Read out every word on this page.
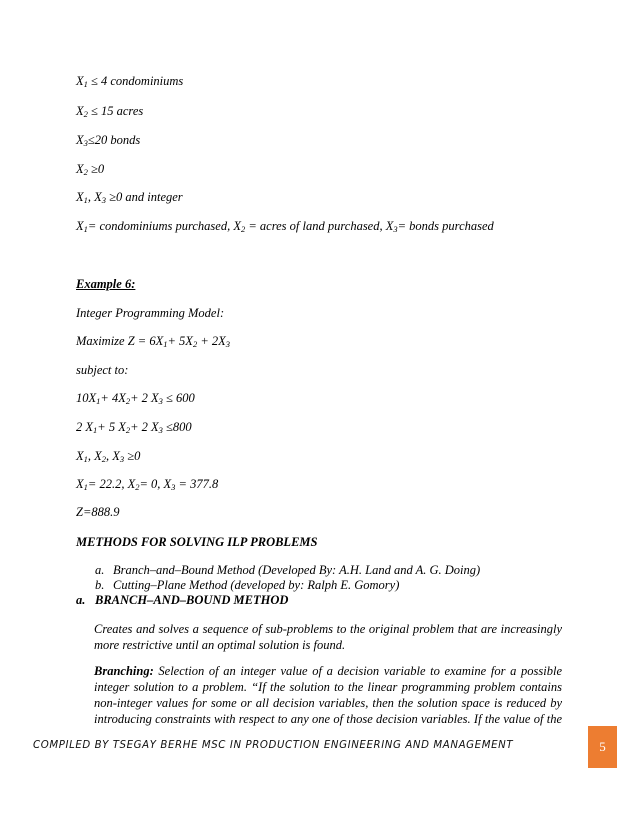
$X_1 \le 4$ condominiums
$X_2 \le 15$ acres
$X_3\le 20$ bonds
$X_2 \ge 0$
$X_1$, $X_3 \ge 0$ and integer
$X_1=$ condominiums purchased, $X_2$ = acres of land purchased, $X_3=$ bonds purchased
Example 6:
Integer Programming Model:
Maximize $Z = 6X_1+ 5X_2 + 2X_3$
subject to:
$10X_1+ 4X_2+ 2$ $X_3 \le 600$
2 $X_1+ 5$ $X_2+ 2$ $X_3 \le 800$
$X_1$, $X_2$, $X_3 \ge 0$
$X_1= 22.2$, $X_2= 0$, $X_3 = 377.8$
Z=888.9
METHODS FOR SOLVING ILP PROBLEMS
a. Branch–and–Bound Method (Developed By: A.H. Land and A. G. Doing)
b. Cutting–Plane Method (developed by: Ralph E. Gomory)
a. BRANCH–AND–BOUND METHOD
Creates and solves a sequence of sub-problems to the original problem that are increasingly more restrictive until an optimal solution is found.
Branching: Selection of an integer value of a decision variable to examine for a possible integer solution to a problem. “If the solution to the linear programming problem contains non-integer values for some or all decision variables, then the solution space is reduced by introducing constraints with respect to any one of those decision variables. If the value of the
COMPILED BY TSEGAY BERHE MSC IN PRODUCTION ENGINEERING AND MANAGEMENT	5
